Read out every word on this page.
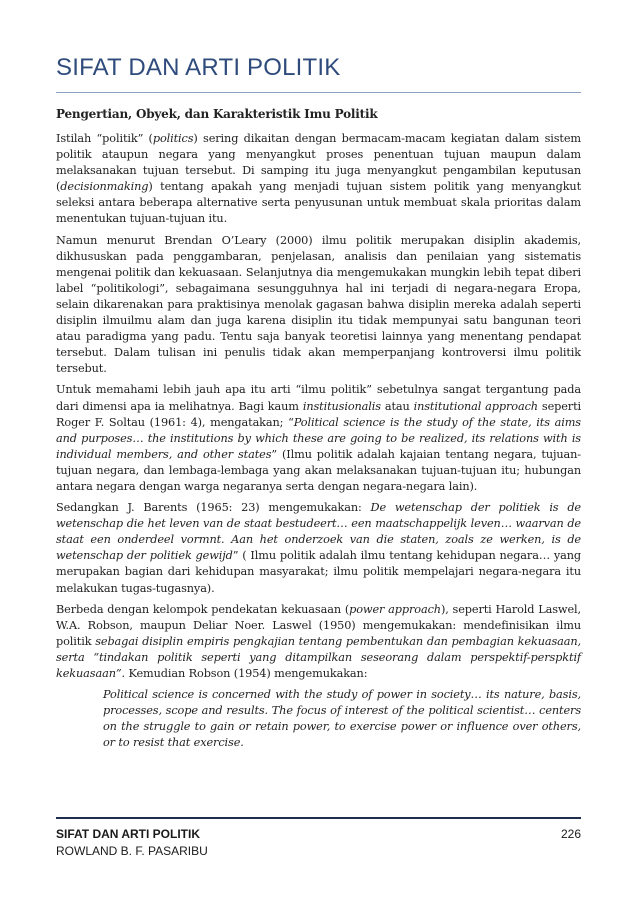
SIFAT DAN ARTI POLITIK
Pengertian, Obyek, dan Karakteristik Imu Politik

Istilah “politik” (politics) sering dikaitan dengan bermacam-macam kegiatan dalam sistem politik ataupun negara yang menyangkut proses penentuan tujuan maupun dalam melaksanakan tujuan tersebut. Di samping itu juga menyangkut pengambilan keputusan (decisionmaking) tentang apakah yang menjadi tujuan sistem politik yang menyangkut seleksi antara beberapa alternative serta penyusunan untuk membuat skala prioritas dalam menentukan tujuan-tujuan itu.

Namun menurut Brendan O’Leary (2000) ilmu politik merupakan disiplin akademis, dikhususkan pada penggambaran, penjelasan, analisis dan penilaian yang sistematis mengenai politik dan kekuasaan. Selanjutnya dia mengemukakan mungkin lebih tepat diberi label “politikologi”, sebagaimana sesungguhnya hal ini terjadi di negara-negara Eropa, selain dikarenakan para praktisinya menolak gagasan bahwa disiplin mereka adalah seperti disiplin ilmuilmu alam dan juga karena disiplin itu tidak mempunyai satu bangunan teori atau paradigma yang padu. Tentu saja banyak teoretisi lainnya yang menentang pendapat tersebut. Dalam tulisan ini penulis tidak akan memperpanjang kontroversi ilmu politik tersebut.

Untuk memahami lebih jauh apa itu arti “ilmu politik” sebetulnya sangat tergantung pada dari dimensi apa ia melihatnya. Bagi kaum institusionalis atau institutional approach seperti Roger F. Soltau (1961: 4), mengatakan; “Political science is the study of the state, its aims and purposes… the institutions by which these are going to be realized, its relations with is individual members, and other states” (Ilmu politik adalah kajaian tentang negara, tujuan-tujuan negara, dan lembaga-lembaga yang akan melaksanakan tujuan-tujuan itu; hubungan antara negara dengan warga negaranya serta dengan negara-negara lain).

Sedangkan J. Barents (1965: 23) mengemukakan: De wetenschap der politiek is de wetenschap die het leven van de staat bestudeert… een maatschappelijk leven… waarvan de staat een onderdeel vormnt. Aan het onderzoek van die staten, zoals ze werken, is de wetenschap der politiek gewijd” ( Ilmu politik adalah ilmu tentang kehidupan negara… yang merupakan bagian dari kehidupan masyarakat; ilmu politik mempelajari negara-negara itu melakukan tugas-tugasnya).

Berbeda dengan kelompok pendekatan kekuasaan (power approach), seperti Harold Laswel, W.A. Robson, maupun Deliar Noer. Laswel (1950) mengemukakan: mendefinisikan ilmu politik sebagai disiplin empiris pengkajian tentang pembentukan dan pembagian kekuasaan, serta “tindakan politik seperti yang ditampilkan seseorang dalam perspektif-perspktif kekuasaan”. Kemudian Robson (1954) mengemukakan:

Political science is concerned with the study of power in society… its nature, basis, processes, scope and results. The focus of interest of the political scientist… centers on the struggle to gain or retain power, to exercise power or influence over others, or to resist that exercise.
SIFAT DAN ARTI POLITIK
ROWLAND B. F. PASARIBU
226
